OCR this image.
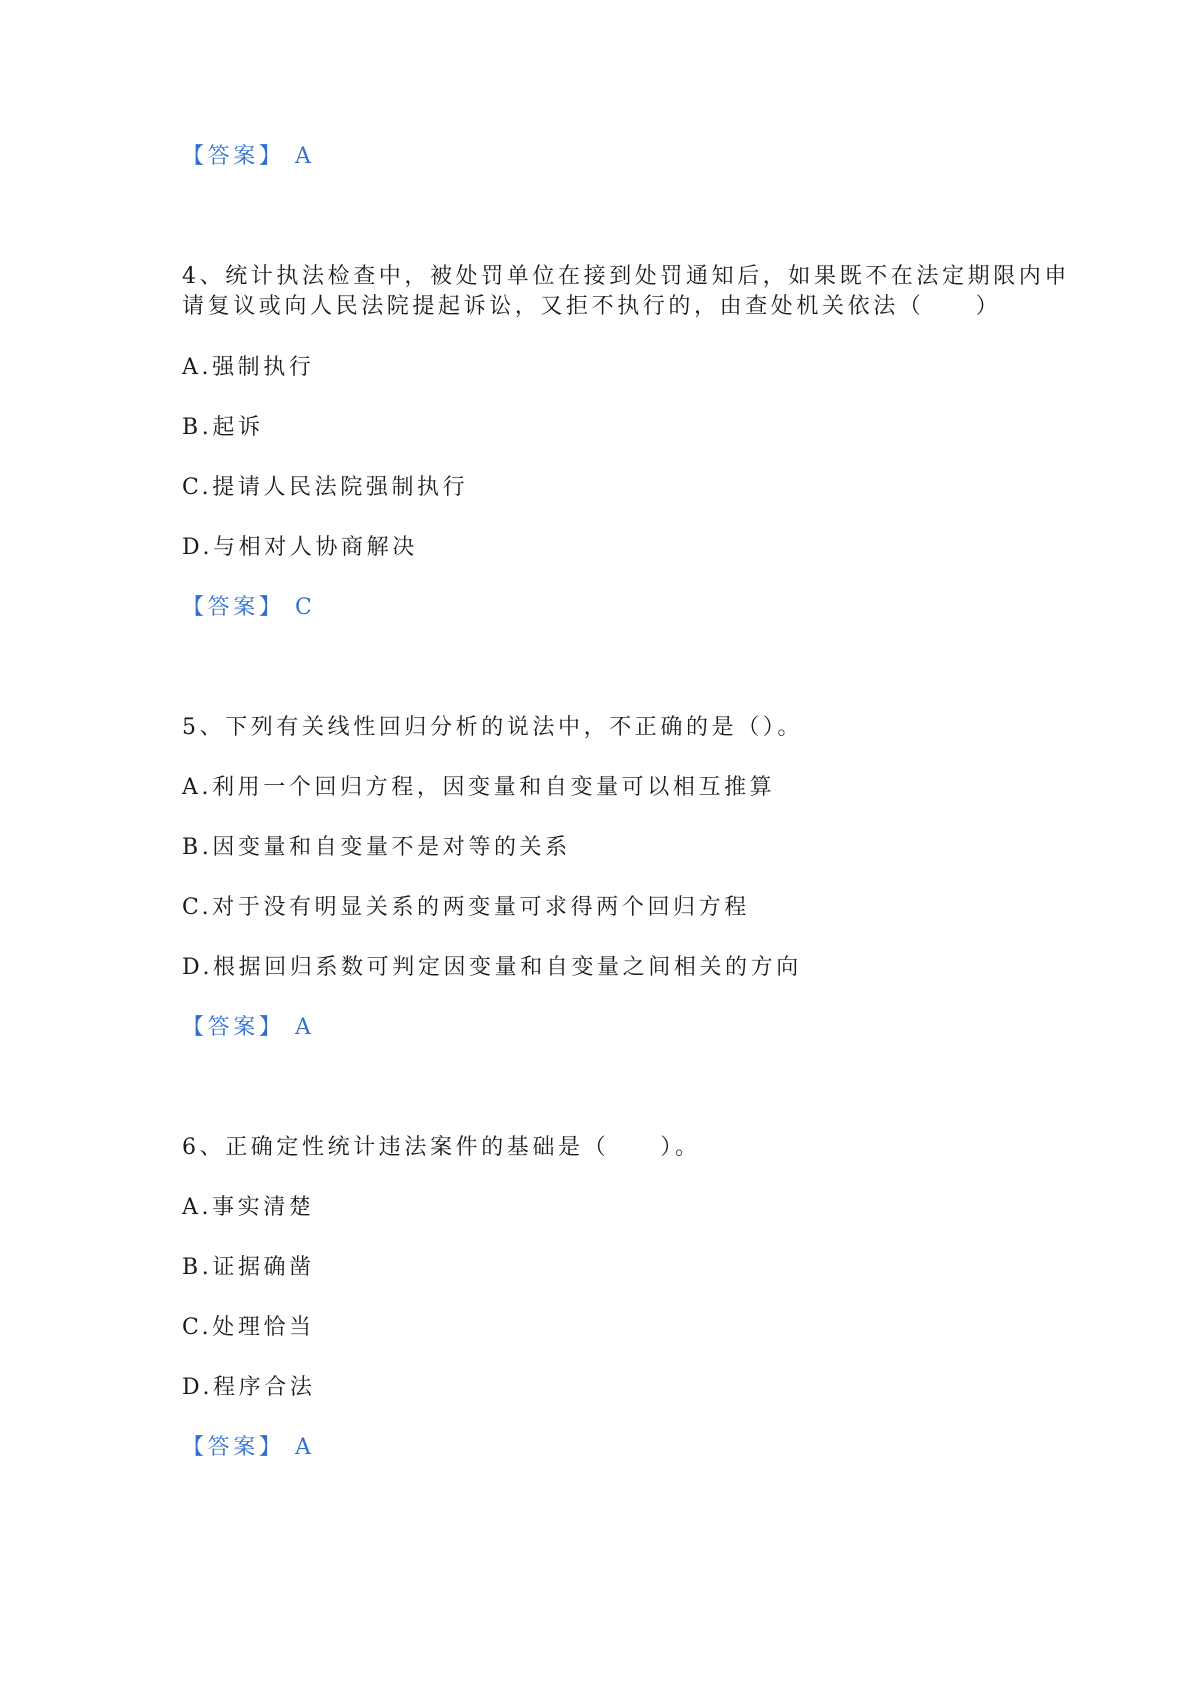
【答案】 A
4、统计执法检查中，被处罚单位在接到处罚通知后，如果既不在法定期限内申
请复议或向人民法院提起诉讼，又拒不执行的，由查处机关依法（　　）
A.强制执行
B.起诉
C.提请人民法院强制执行
D.与相对人协商解决
【答案】 C
5、下列有关线性回归分析的说法中，不正确的是（）。
A.利用一个回归方程，因变量和自变量可以相互推算
B.因变量和自变量不是对等的关系
C.对于没有明显关系的两变量可求得两个回归方程
D.根据回归系数可判定因变量和自变量之间相关的方向
【答案】 A
6、正确定性统计违法案件的基础是（　　）。
A.事实清楚
B.证据确凿
C.处理恰当
D.程序合法
【答案】 A
